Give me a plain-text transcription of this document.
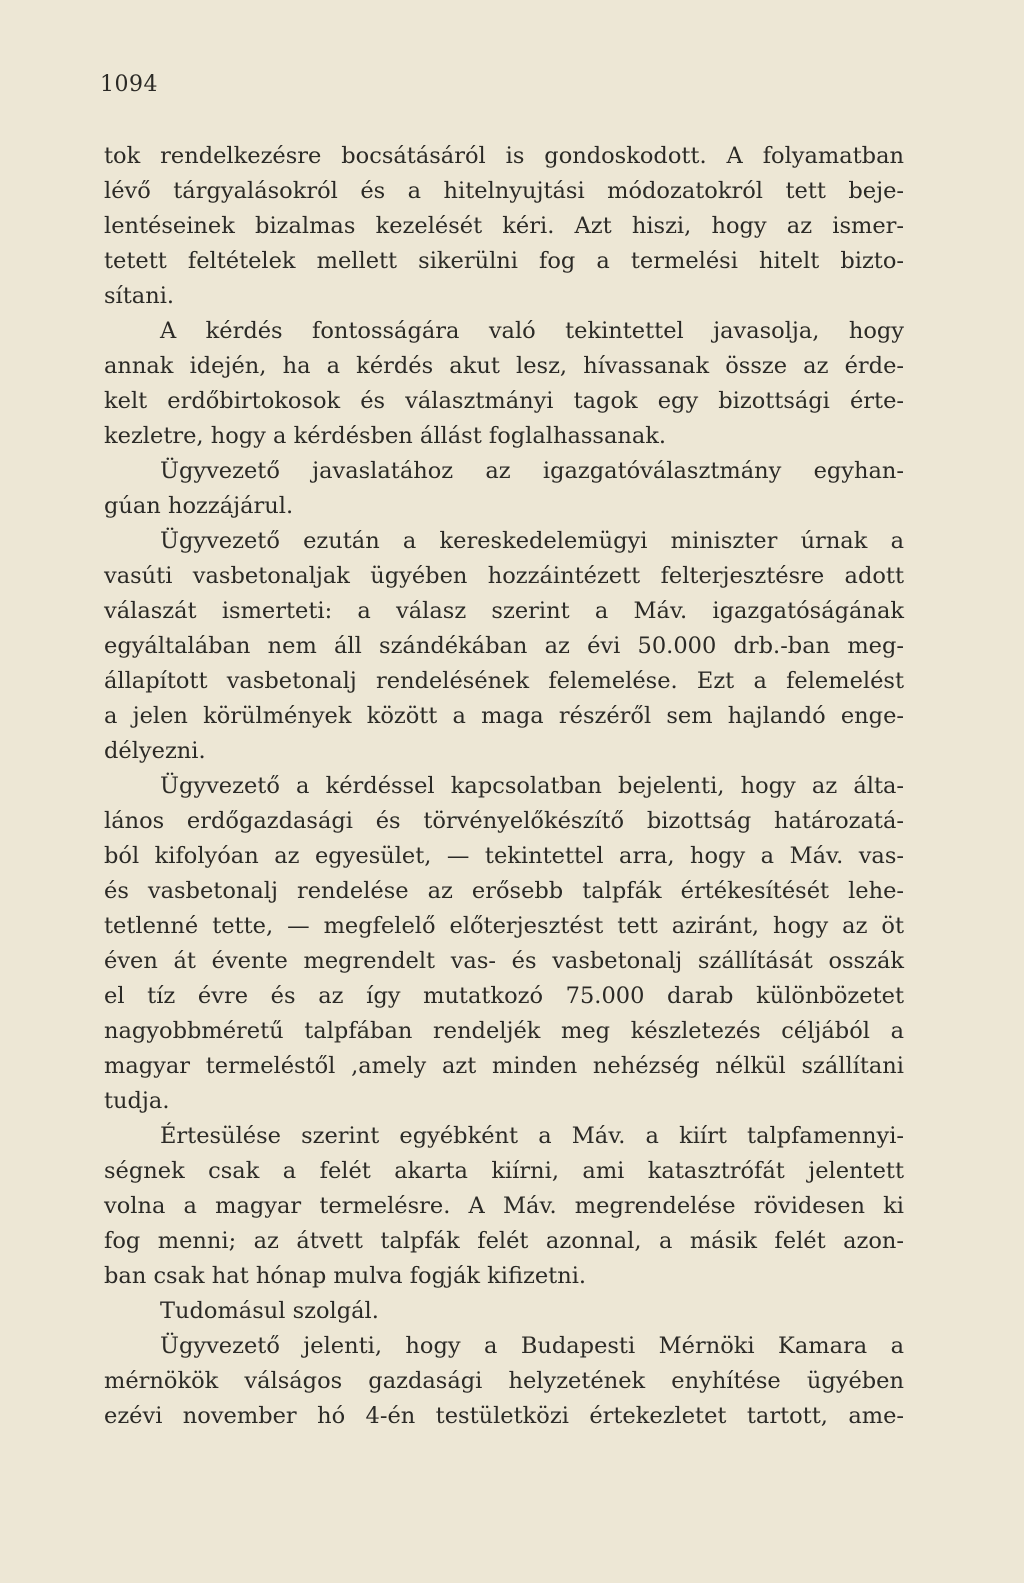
1094
tok rendelkezésre bocsátásáról is gondoskodott. A folyamatban
lévő tárgyalásokról és a hitelnyujtási módozatokról tett beje-
lentéseinek bizalmas kezelését kéri. Azt hiszi, hogy az ismer-
tetett feltételek mellett sikerülni fog a termelési hitelt bizto-
sítani.
A kérdés fontosságára való tekintettel javasolja, hogy
annak idején, ha a kérdés akut lesz, hívassanak össze az érde-
kelt erdőbirtokosok és választmányi tagok egy bizottsági érte-
kezletre, hogy a kérdésben állást foglalhassanak.
Ügyvezető javaslatához az igazgatóválasztmány egyhan-
gúan hozzájárul.
Ügyvezető ezután a kereskedelemügyi miniszter úrnak a
vasúti vasbetonaljak ügyében hozzáintézett felterjesztésre adott
válaszát ismerteti: a válasz szerint a Máv. igazgatóságának
egyáltalában nem áll szándékában az évi 50.000 drb.-ban meg-
állapított vasbetonalj rendelésének felemelése. Ezt a felemelést
a jelen körülmények között a maga részéről sem hajlandó enge-
délyezni.
Ügyvezető a kérdéssel kapcsolatban bejelenti, hogy az álta-
lános erdőgazdasági és törvényelőkészítő bizottság határozatá-
ból kifolyóan az egyesület, — tekintettel arra, hogy a Máv. vas-
és vasbetonalj rendelése az erősebb talpfák értékesítését lehe-
tetlenné tette, — megfelelő előterjesztést tett aziránt, hogy az öt
éven át évente megrendelt vas- és vasbetonalj szállítását osszák
el tíz évre és az így mutatkozó 75.000 darab különbözetet
nagyobbméretű talpfában rendeljék meg készletezés céljából a
magyar termeléstől ,amely azt minden nehézség nélkül szállítani
tudja.
Értesülése szerint egyébként a Máv. a kiírt talpfamennyi-
ségnek csak a felét akarta kiírni, ami katasztrófát jelentett
volna a magyar termelésre. A Máv. megrendelése rövidesen ki
fog menni; az átvett talpfák felét azonnal, a másik felét azon-
ban csak hat hónap mulva fogják kifizetni.
Tudomásul szolgál.
Ügyvezető jelenti, hogy a Budapesti Mérnöki Kamara a
mérnökök válságos gazdasági helyzetének enyhítése ügyében
ezévi november hó 4-én testületközi értekezletet tartott, ame-
